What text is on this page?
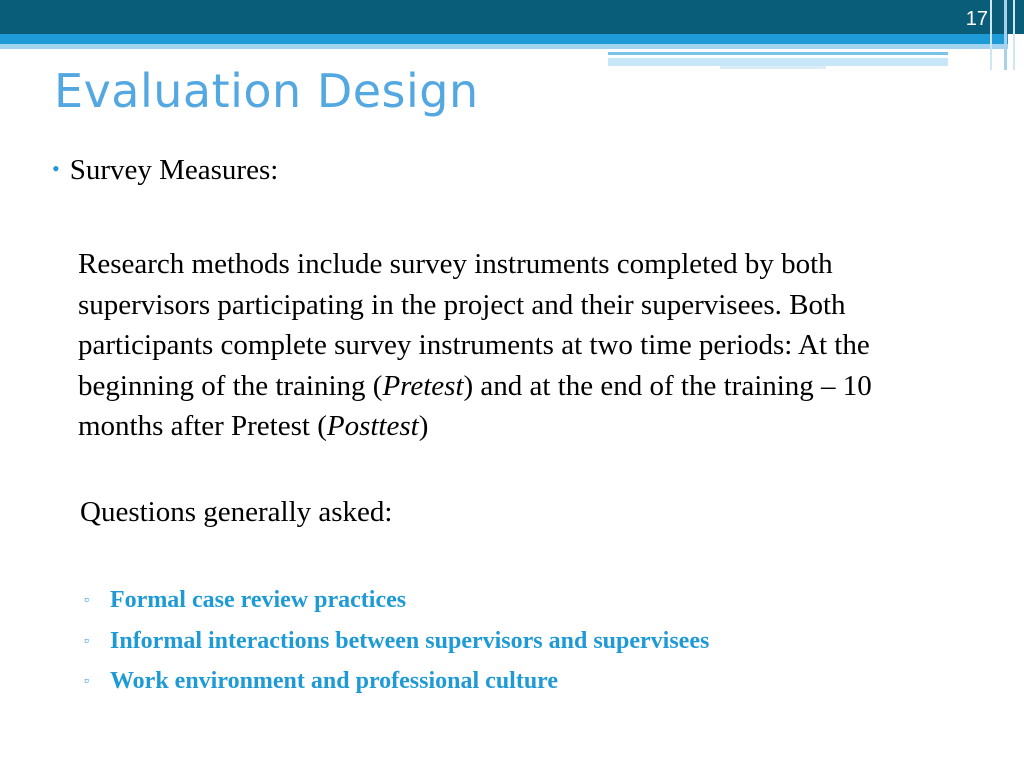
17
Evaluation Design
• Survey Measures:
Research methods include survey instruments completed by both supervisors participating in the project and their supervisees. Both participants complete survey instruments at two time periods: At the beginning of the training (Pretest) and at the end of the training – 10 months after Pretest (Posttest)
Questions generally asked:
▫ Formal case review practices
▫ Informal interactions between supervisors and supervisees
▫ Work environment and professional culture
